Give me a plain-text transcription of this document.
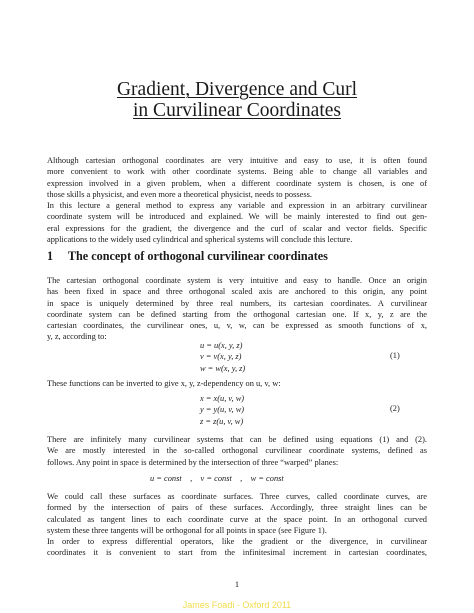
Gradient, Divergence and Curl
in Curvilinear Coordinates
Although cartesian orthogonal coordinates are very intuitive and easy to use, it is often found
more convenient to work with other coordinate systems. Being able to change all variables and
expression involved in a given problem, when a different coordinate system is chosen, is one of
those skills a physicist, and even more a theoretical physicist, needs to possess.
In this lecture a general method to express any variable and expression in an arbitrary curvilinear
coordinate system will be introduced and explained. We will be mainly interested to find out gen-
eral expressions for the gradient, the divergence and the curl of scalar and vector fields. Specific
applications to the widely used cylindrical and spherical systems will conclude this lecture.
1 The concept of orthogonal curvilinear coordinates
The cartesian orthogonal coordinate system is very intuitive and easy to handle. Once an origin
has been fixed in space and three orthogonal scaled axis are anchored to this origin, any point
in space is uniquely determined by three real numbers, its cartesian coordinates. A curvilinear
coordinate system can be defined starting from the orthogonal cartesian one. If x, y, z are the
cartesian coordinates, the curvilinear ones, u, v, w, can be expressed as smooth functions of x,
y, z, according to:
u = u(x, y, z)
v = v(x, y, z)
w = w(x, y, z)
(1)
These functions can be inverted to give x, y, z-dependency on u, v, w:
x = x(u, v, w)
y = y(u, v, w)
z = z(u, v, w)
(2)
There are infinitely many curvilinear systems that can be defined using equations (1) and (2).
We are mostly interested in the so-called orthogonal curvilinear coordinate systems, defined as
follows. Any point in space is determined by the intersection of three “warped” planes:
u = const    ,    v = const    ,    w = const
We could call these surfaces as coordinate surfaces. Three curves, called coordinate curves, are
formed by the intersection of pairs of these surfaces. Accordingly, three straight lines can be
calculated as tangent lines to each coordinate curve at the space point. In an orthogonal curved
system these three tangents will be orthogonal for all points in space (see Figure 1).
In order to express differential operators, like the gradient or the divergence, in curvilinear
coordinates it is convenient to start from the infinitesimal increment in cartesian coordinates,
1
James Foadi - Oxford 2011
